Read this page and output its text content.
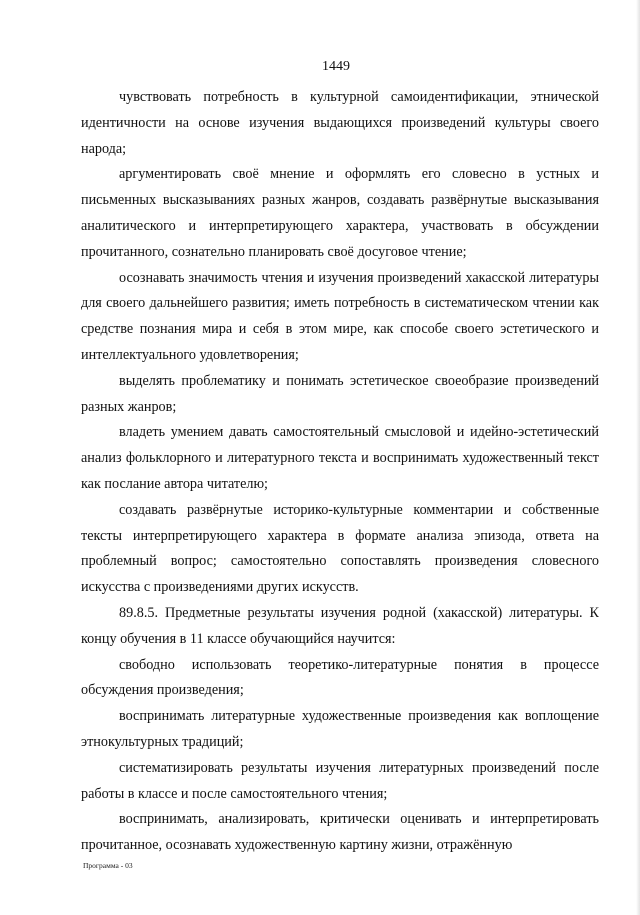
1449

чувствовать потребность в культурной самоидентификации, этнической идентичности на основе изучения выдающихся произведений культуры своего народа;

аргументировать своё мнение и оформлять его словесно в устных и письменных высказываниях разных жанров, создавать развёрнутые высказывания аналитического и интерпретирующего характера, участвовать в обсуждении прочитанного, сознательно планировать своё досуговое чтение;

осознавать значимость чтения и изучения произведений хакасской литературы для своего дальнейшего развития; иметь потребность в систематическом чтении как средстве познания мира и себя в этом мире, как способе своего эстетического и интеллектуального удовлетворения;

выделять проблематику и понимать эстетическое своеобразие произведений разных жанров;

владеть умением давать самостоятельный смысловой и идейно-эстетический анализ фольклорного и литературного текста и воспринимать художественный текст как послание автора читателю;

создавать развёрнутые историко-культурные комментарии и собственные тексты интерпретирующего характера в формате анализа эпизода, ответа на проблемный вопрос; самостоятельно сопоставлять произведения словесного искусства с произведениями других искусств.

89.8.5. Предметные результаты изучения родной (хакасской) литературы. К концу обучения в 11 классе обучающийся научится:

свободно использовать теоретико-литературные понятия в процессе обсуждения произведения;

воспринимать литературные художественные произведения как воплощение этнокультурных традиций;

систематизировать результаты изучения литературных произведений после работы в классе и после самостоятельного чтения;

воспринимать, анализировать, критически оценивать и интерпретировать прочитанное, осознавать художественную картину жизни, отражённую

Программа - 03
